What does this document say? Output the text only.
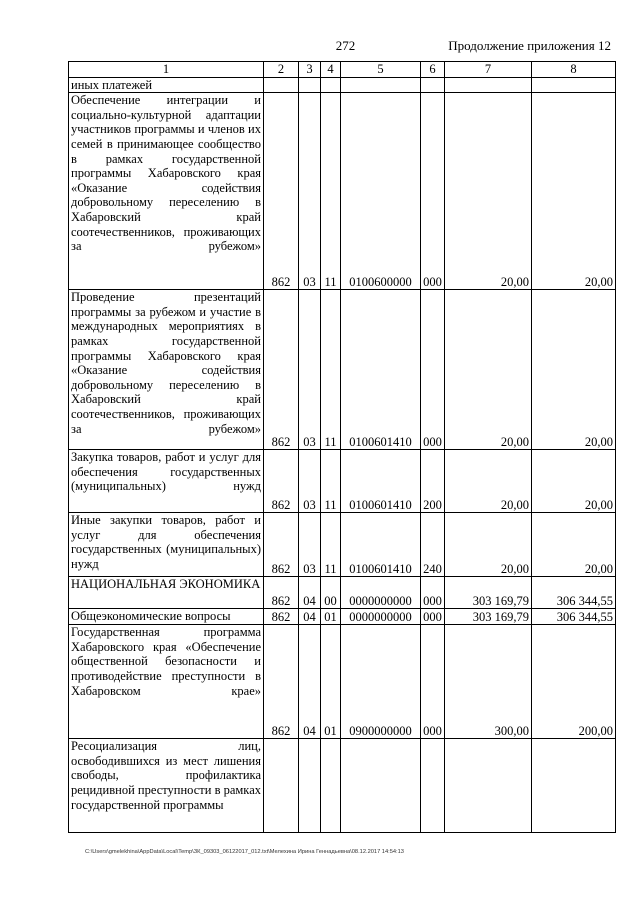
272	Продолжение приложения 12
1	2	3	4	5	6	7	8
иных платежей							
Обеспечение интеграции и социально-культурной адаптации участников программы и членов их семей в принимающее сообщество в рамках государственной программы Хабаровского края «Оказание содействия добровольному переселению в Хабаровский край соотечественников, проживающих за рубежом»	862	03	11	0100600000	000	20,00	20,00
Проведение презентаций программы за рубежом и участие в международных мероприятиях в рамках государственной программы Хабаровского края «Оказание содействия добровольному переселению в Хабаровский край соотечественников, проживающих за рубежом»	862	03	11	0100601410	000	20,00	20,00
Закупка товаров, работ и услуг для обеспечения государственных (муниципальных) нужд	862	03	11	0100601410	200	20,00	20,00
Иные закупки товаров, работ и услуг для обеспечения государственных (муниципальных) нужд	862	03	11	0100601410	240	20,00	20,00
НАЦИОНАЛЬНАЯ ЭКОНОМИКА	862	04	00	0000000000	000	303 169,79	306 344,55
Общеэкономические вопросы	862	04	01	0000000000	000	303 169,79	306 344,55
Государственная программа Хабаровского края «Обеспечение общественной безопасности и противодействие преступности в Хабаровском крае»	862	04	01	0900000000	000	300,00	200,00
Ресоциализация лиц, освободившихся из мест лишения свободы, профилактика рецидивной преступности в рамках государственной программы							
C:\Users\gmelekhina\AppData\Local\Temp\ЗК_09303_06122017_012.txt\Мелехина Ирина Геннадьевна\08.12.2017 14:54:13
